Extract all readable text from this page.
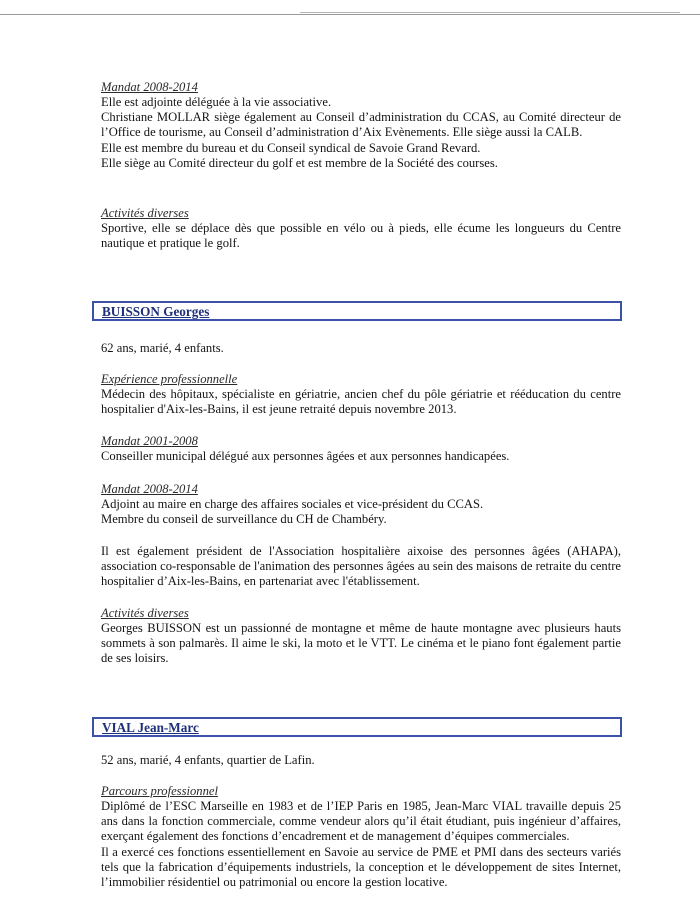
Mandat 2008-2014

Elle est adjointe déléguée à la vie associative.

Christiane MOLLAR siège également au Conseil d’administration du CCAS, au Comité directeur de l’Office de tourisme, au Conseil d’administration d’Aix Evènements. Elle siège aussi la CALB.

Elle est membre du bureau et du Conseil syndical de Savoie Grand Revard.

Elle siège au Comité directeur du golf et est membre de la Société des courses.

Activités diverses

Sportive, elle se déplace dès que possible en vélo ou à pieds, elle écume les longueurs du Centre nautique et pratique le golf.

BUISSON Georges

62 ans, marié, 4 enfants.

Expérience professionnelle

Médecin des hôpitaux, spécialiste en gériatrie, ancien chef du pôle gériatrie et rééducation du centre hospitalier d'Aix-les-Bains, il est jeune retraité depuis novembre 2013.

Mandat 2001-2008

Conseiller municipal délégué aux personnes âgées et aux personnes handicapées.

Mandat 2008-2014

Adjoint au maire en charge des affaires sociales et vice-président du CCAS.

Membre du conseil de surveillance du CH de Chambéry.

Il est également président de l'Association hospitalière aixoise des personnes âgées (AHAPA), association co-responsable de l'animation des personnes âgées au sein des maisons de retraite du centre hospitalier d’Aix-les-Bains, en partenariat avec l'établissement.

Activités diverses

Georges BUISSON est un passionné de montagne et même de haute montagne avec plusieurs hauts sommets à son palmarès. Il aime le ski, la moto et le VTT. Le cinéma et le piano font également partie de ses loisirs.

VIAL Jean-Marc

52 ans, marié, 4 enfants, quartier de Lafin.

Parcours professionnel

Diplômé de l’ESC Marseille en 1983 et de l’IEP Paris en 1985, Jean-Marc VIAL travaille depuis 25 ans dans la fonction commerciale, comme vendeur alors qu’il était étudiant, puis ingénieur d’affaires, exerçant également des fonctions d’encadrement et de management d’équipes commerciales.

Il a exercé ces fonctions essentiellement en Savoie au service de PME et PMI dans des secteurs variés tels que la fabrication d’équipements industriels, la conception et le développement de sites Internet, l’immobilier résidentiel ou patrimonial ou encore la gestion locative.
